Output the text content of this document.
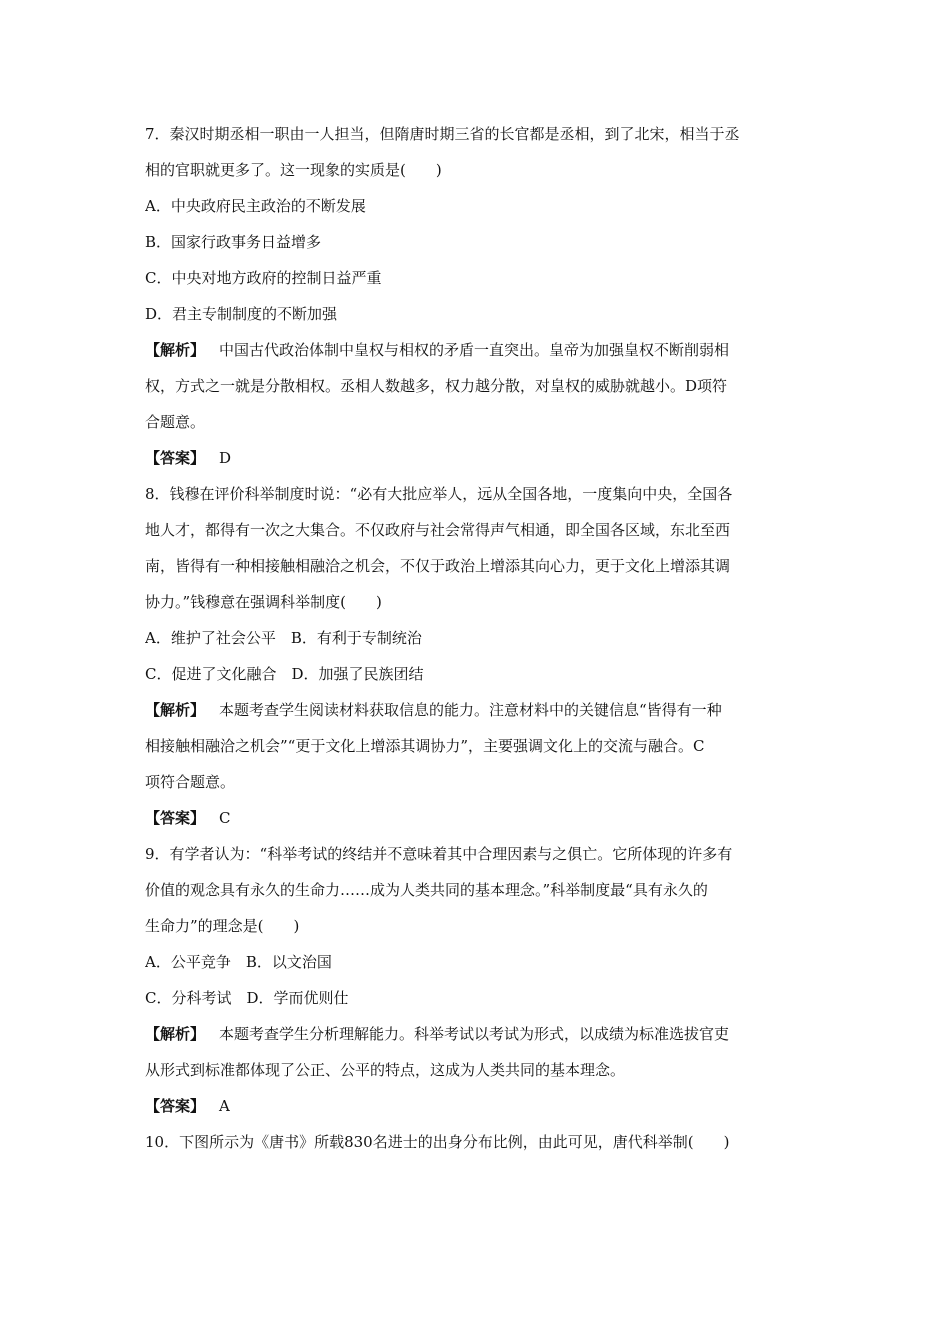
7．秦汉时期丞相一职由一人担当，但隋唐时期三省的长官都是丞相，到了北宋，相当于丞
相的官职就更多了。这一现象的实质是(　　)
A．中央政府民主政治的不断发展
B．国家行政事务日益增多
C．中央对地方政府的控制日益严重
D．君主专制制度的不断加强
【解析】 中国古代政治体制中皇权与相权的矛盾一直突出。皇帝为加强皇权不断削弱相
权，方式之一就是分散相权。丞相人数越多，权力越分散，对皇权的威胁就越小。D项符
合题意。
【答案】 D
8．钱穆在评价科举制度时说：“必有大批应举人，远从全国各地，一度集向中央，全国各
地人才，都得有一次之大集合。不仅政府与社会常得声气相通，即全国各区域，东北至西
南，皆得有一种相接触相融洽之机会，不仅于政治上增添其向心力，更于文化上增添其调
协力。”钱穆意在强调科举制度(　　)
A．维护了社会公平　B．有利于专制统治
C．促进了文化融合　D．加强了民族团结
【解析】 本题考查学生阅读材料获取信息的能力。注意材料中的关键信息“皆得有一种
相接触相融洽之机会”“更于文化上增添其调协力”，主要强调文化上的交流与融合。C
项符合题意。
【答案】 C
9．有学者认为：“科举考试的终结并不意味着其中合理因素与之俱亡。它所体现的许多有
价值的观念具有永久的生命力……成为人类共同的基本理念。”科举制度最“具有永久的
生命力”的理念是(　　)
A．公平竞争　B．以文治国
C．分科考试　D．学而优则仕
【解析】 本题考查学生分析理解能力。科举考试以考试为形式，以成绩为标准选拔官吏
从形式到标准都体现了公正、公平的特点，这成为人类共同的基本理念。
【答案】 A
10．下图所示为《唐书》所载830名进士的出身分布比例，由此可见，唐代科举制(　　)
